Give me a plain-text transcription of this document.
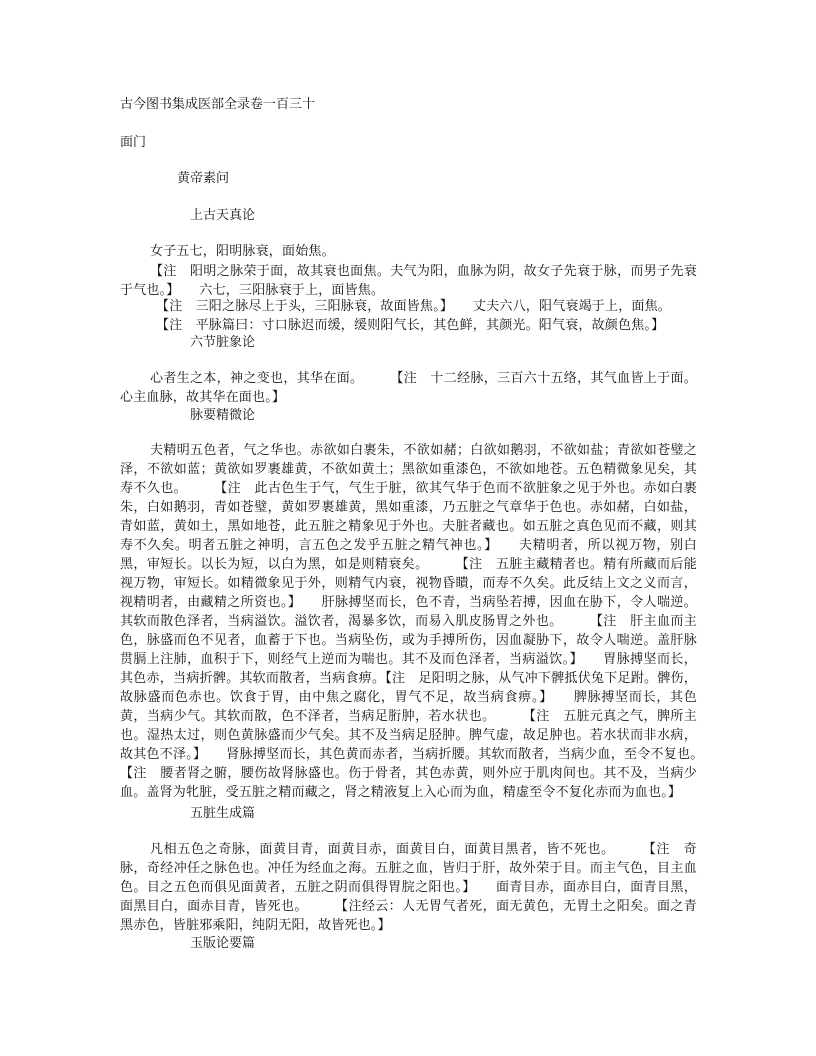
古今图书集成医部全录卷一百三十
面门
黄帝素问
上古天真论
女子五七，阳明脉衰，面始焦。
【注　阳明之脉荣于面，故其衰也面焦。夫气为阳，血脉为阴，故女子先衰于脉，而男子先衰于气也。】　　六七，三阳脉衰于上，面皆焦。
【注　三阳之脉尽上于头，三阳脉衰，故面皆焦。】　　丈夫六八，阳气衰竭于上，面焦。
【注　平脉篇曰：寸口脉迟而缓，缓则阳气长，其色鲜，其颜光。阳气衰，故颜色焦。】
六节脏象论
心者生之本，神之变也，其华在面。　　　【注　十二经脉，三百六十五络，其气血皆上于面。心主血脉，故其华在面也。】
脉要精微论
夫精明五色者，气之华也。赤欲如白裹朱，不欲如赭；白欲如鹅羽，不欲如盐；青欲如苍璧之泽，不欲如蓝；黄欲如罗裹雄黄，不欲如黄土；黑欲如重漆色，不欲如地苍。五色精微象见矣，其寿不久也。　　　【注　此古色生于气，气生于脏，欲其气华于色而不欲脏象之见于外也。赤如白裹朱，白如鹅羽，青如苍璧，黄如罗裹雄黄，黑如重漆，乃五脏之气章华于色也。赤如赭，白如盐，青如蓝，黄如土，黑如地苍，此五脏之精象见于外也。夫脏者藏也。如五脏之真色见而不藏，则其寿不久矣。明者五脏之神明，言五色之发乎五脏之精气神也。】　　夫精明者，所以视万物，别白黑，审短长。以长为短，以白为黑，如是则精衰矣。　　　【注　五脏主藏精者也。精有所藏而后能视万物，审短长。如精微象见于外，则精气内衰，视物昏瞶，而寿不久矣。此反结上文之义而言，视精明者，由藏精之所资也。】　　肝脉搏坚而长，色不青，当病坠若搏，因血在胁下，令人喘逆。其软而散色泽者，当病溢饮。溢饮者，渴暴多饮，而易入肌皮肠胃之外也。　　　【注　肝主血而主色，脉盛而色不见者，血蓄于下也。当病坠伤，或为手搏所伤，因血凝胁下，故令人喘逆。盖肝脉贯膈上注肺，血积于下，则经气上逆而为喘也。其不及而色泽者，当病溢饮。】　　胃脉搏坚而长，其色赤，当病折髀。其软而散者，当病食痹。【注　足阳明之脉，从气冲下髀抵伏兔下足跗。髀伤，故脉盛而色赤也。饮食于胃，由中焦之腐化，胃气不足，故当病食痹。】　　脾脉搏坚而长，其色黄，当病少气。其软而散，色不泽者，当病足胻肿，若水状也。　　　【注　五脏元真之气，脾所主也。湿热太过，则色黄脉盛而少气矣。其不及当病足胫肿。脾气虚，故足肿也。若水状而非水病，故其色不泽。】　　肾脉搏坚而长，其色黄而赤者，当病折腰。其软而散者，当病少血，至令不复也。　　　【注　腰者肾之腑，腰伤故肾脉盛也。伤于骨者，其色赤黄，则外应于肌肉间也。其不及，当病少血。盖肾为牝脏，受五脏之精而藏之，肾之精液复上入心而为血，精虚至令不复化赤而为血也。】
五脏生成篇
凡相五色之奇脉，面黄目青，面黄目赤，面黄目白，面黄目黑者，皆不死也。　　　【注　奇脉，奇经冲任之脉色也。冲任为经血之海。五脏之血，皆归于肝，故外荣于目。而主气色，目主血色。目之五色而俱见面黄者，五脏之阴而俱得胃脘之阳也。】　　面青目赤，面赤目白，面青目黑，面黑目白，面赤目青，皆死也。　　　【注经云：人无胃气者死，面无黄色，无胃土之阳矣。面之青黑赤色，皆脏邪乘阳，纯阴无阳，故皆死也。】
玉版论要篇
